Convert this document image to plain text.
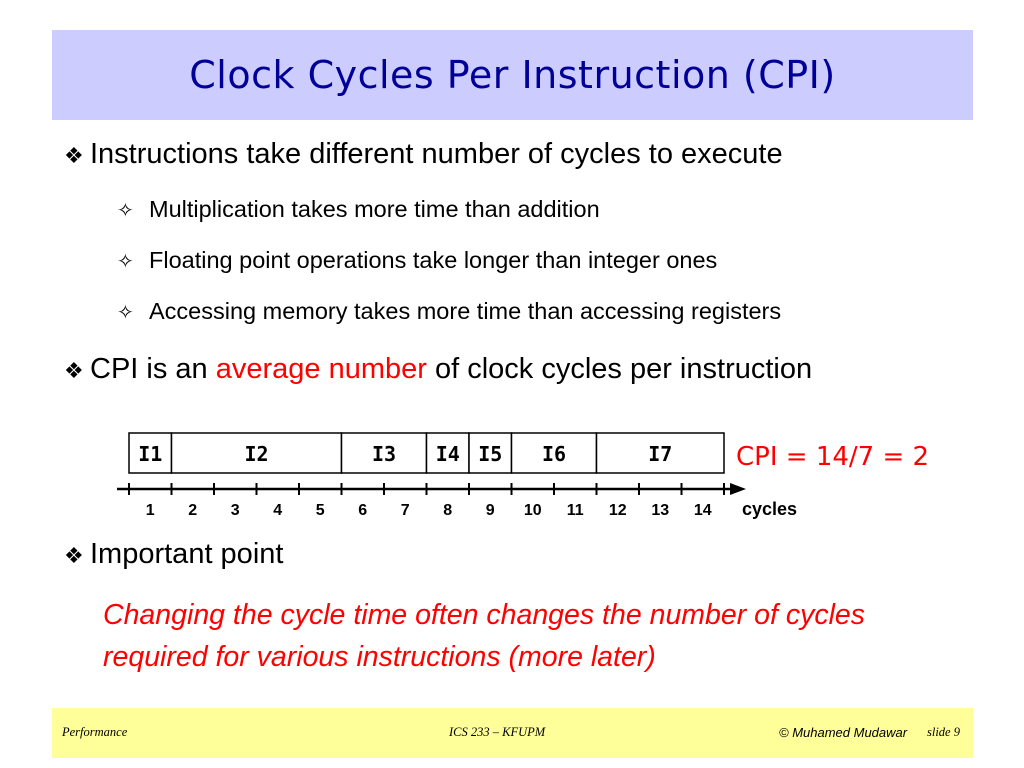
Clock Cycles Per Instruction (CPI)
❖ Instructions take different number of cycles to execute
✧ Multiplication takes more time than addition
✧ Floating point operations take longer than integer ones
✧ Accessing memory takes more time than accessing registers
❖ CPI is an average number of clock cycles per instruction
I1	I2	I3 I4 I5 I6	I7
1 2 3 4 5 6 7 8 9 10 11 12 13 14 cycles
CPI = 14/7 = 2
❖ Important point
Changing the cycle time often changes the number of cycles required for various instructions (more later)
Performance	ICS 233 – KFUPM	© Muhamed Mudawar slide 9
